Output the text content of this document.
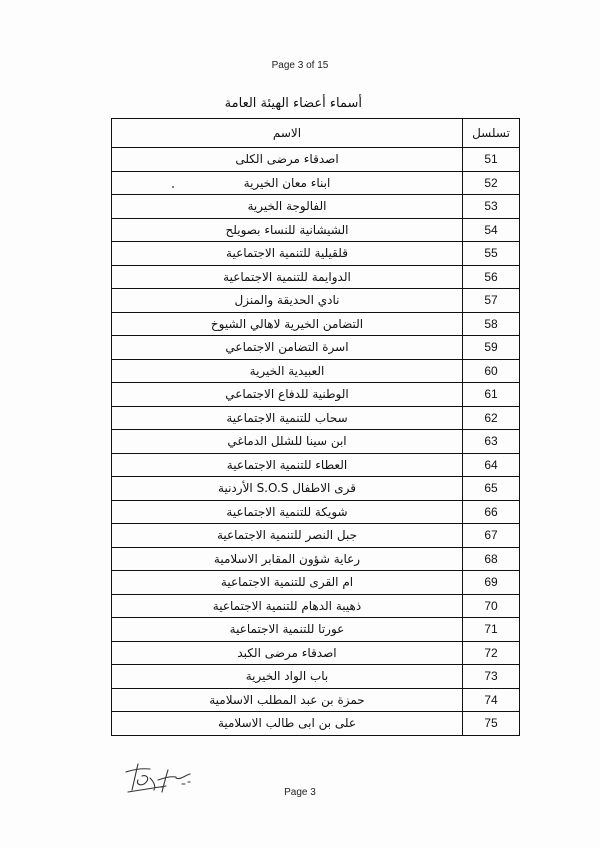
Page 3 of 15
أسماء أعضاء الهيئة العامة
الاسم	تسلسل
اصدقاء مرضى الكلى	51
ابناء معان الخيرية	52
الفالوجة الخيرية	53
الشيشانية للنساء بصويلح	54
قلقيلية للتنمية الاجتماعية	55
الدوايمة للتنمية الاجتماعية	56
نادي الحديقة والمنزل	57
التضامن الخيرية لاهالي الشيوخ	58
اسرة التضامن الاجتماعي	59
العبيدية الخيرية	60
الوطنية للدفاع الاجتماعي	61
سحاب للتنمية الاجتماعية	62
ابن سينا للشلل الدماغي	63
العطاء للتنمية الاجتماعية	64
قرى الاطفال S.O.S الأردنية	65
شويكة للتنمية الاجتماعية	66
جبل النصر للتنمية الاجتماعية	67
رعاية شؤون المقابر الاسلامية	68
ام القرى للتنمية الاجتماعية	69
ذهيبة الدهام للتنمية الاجتماعية	70
عورتا للتنمية الاجتماعية	71
اصدقاء مرضى الكبد	72
باب الواد الخيرية	73
حمزة بن عبد المطلب الاسلامية	74
على بن ابى طالب الاسلامية	75
Page 3
